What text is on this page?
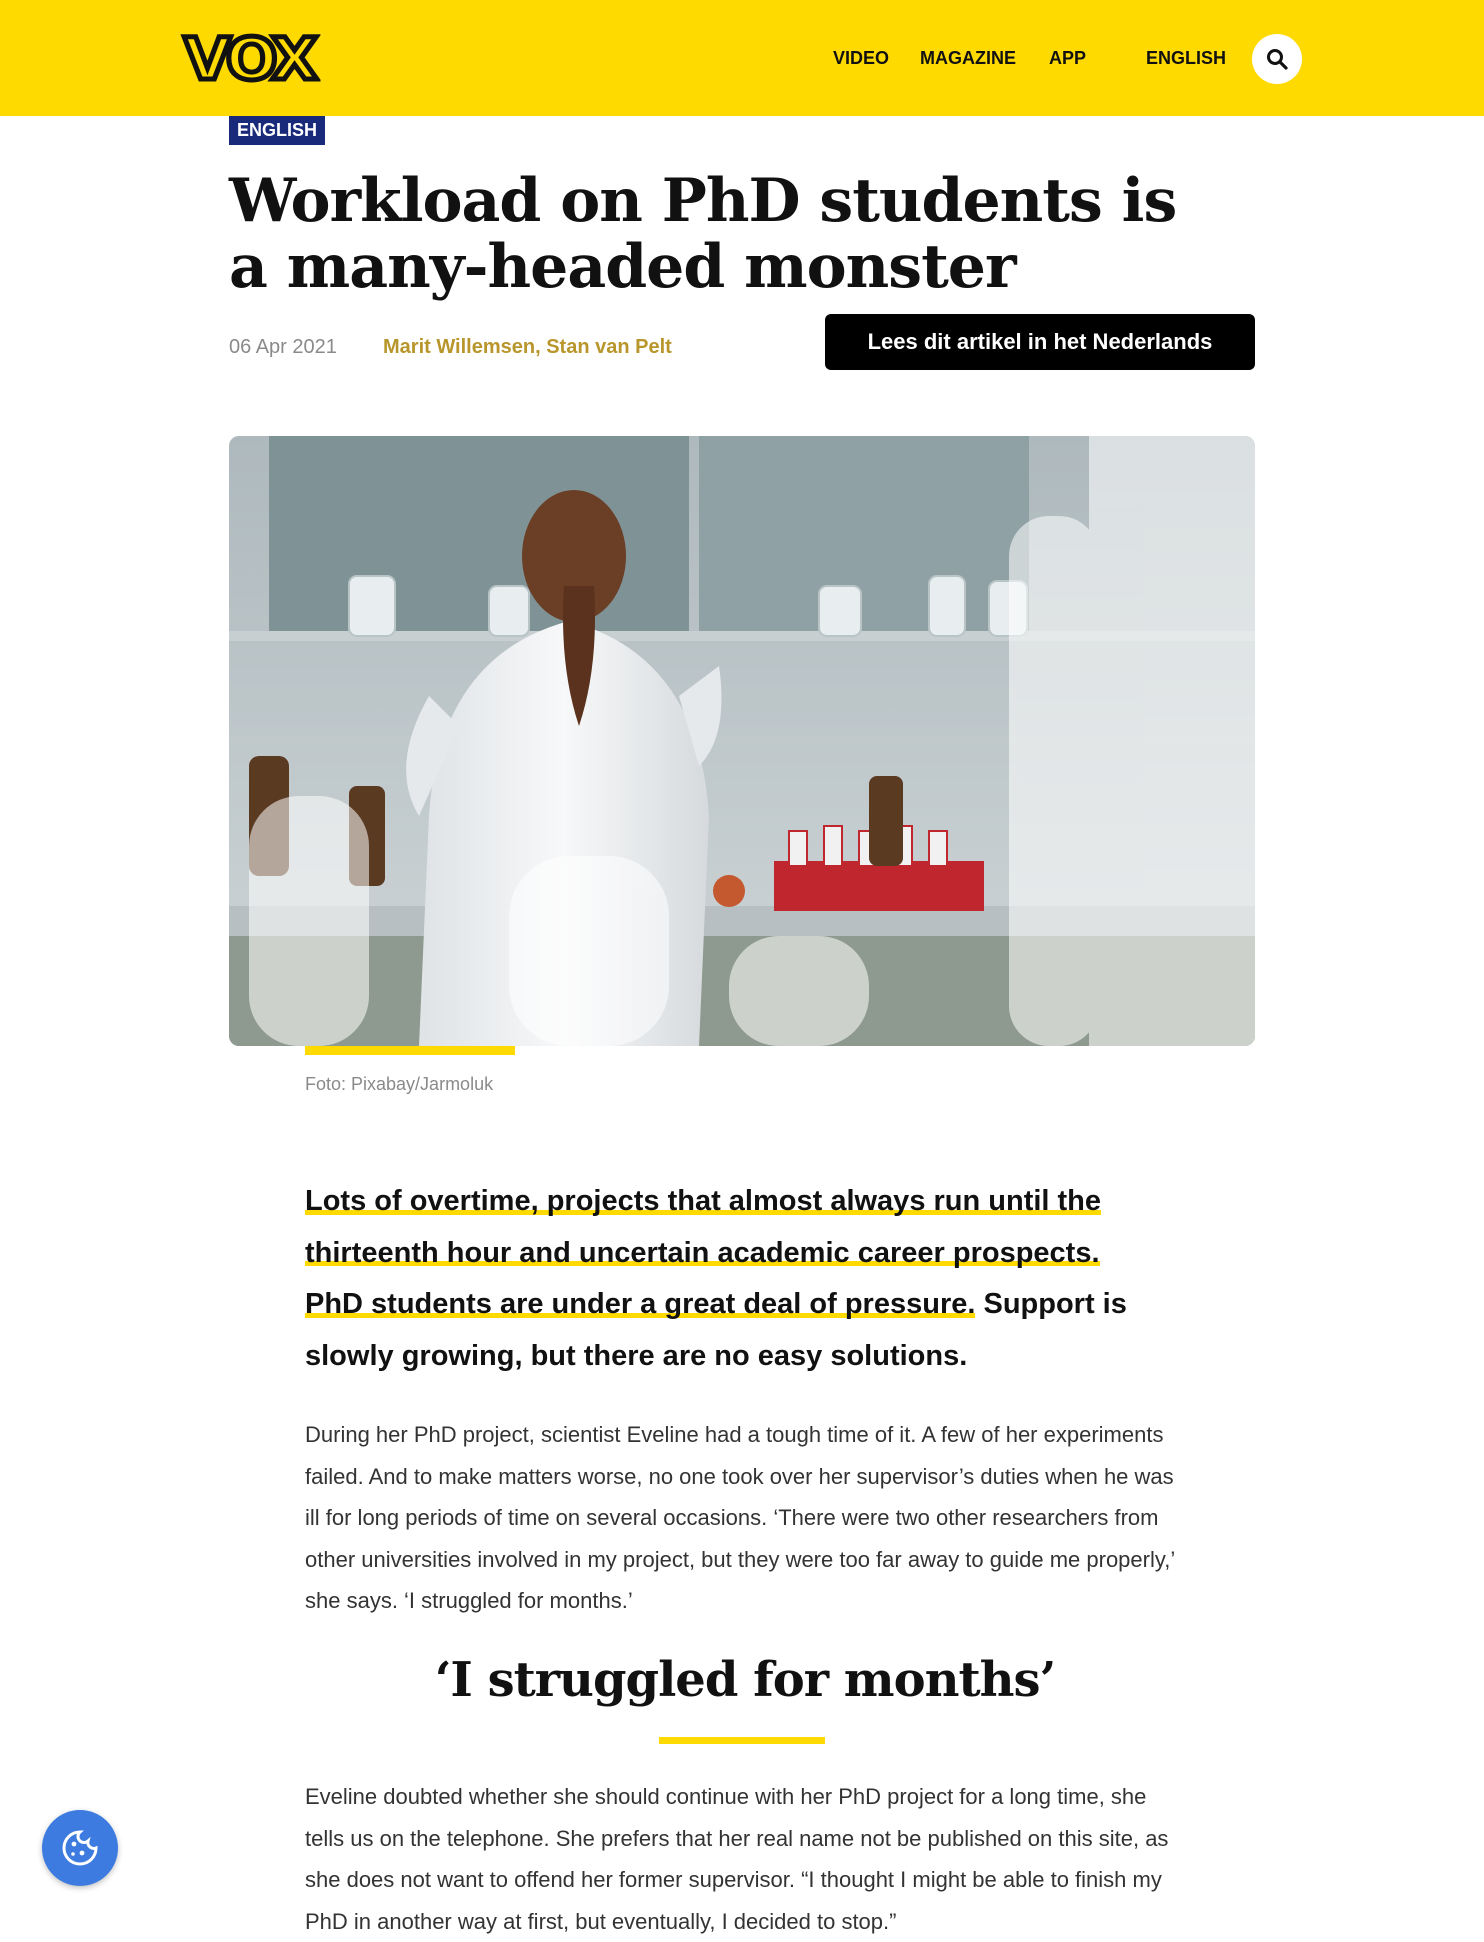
VOX	VIDEO MAGAZINE APP	ENGLISH
ENGLISH
Workload on PhD students is a many-headed monster
06 Apr 2021 Marit Willemsen, Stan van Pelt	Lees dit artikel in het Nederlands
Foto: Pixabay/Jarmoluk

Lots of overtime, projects that almost always run until the
thirteenth hour and uncertain academic career prospects.
PhD students are under a great deal of pressure. Support is slowly growing, but there are no easy solutions.

During her PhD project, scientist Eveline had a tough time of it. A few of her experiments failed. And to make matters worse, no one took over her supervisor’s duties when he was ill for long periods of time on several occasions. ‘There were two other researchers from other universities involved in my project, but they were too far away to guide me properly,’ she says. ‘I struggled for months.’

‘I struggled for months’

Eveline doubted whether she should continue with her PhD project for a long time, she tells us on the telephone. She prefers that her real name not be published on this site, as she does not want to offend her former supervisor. “I thought I might be able to finish my PhD in another way at first, but eventually, I decided to stop.”
